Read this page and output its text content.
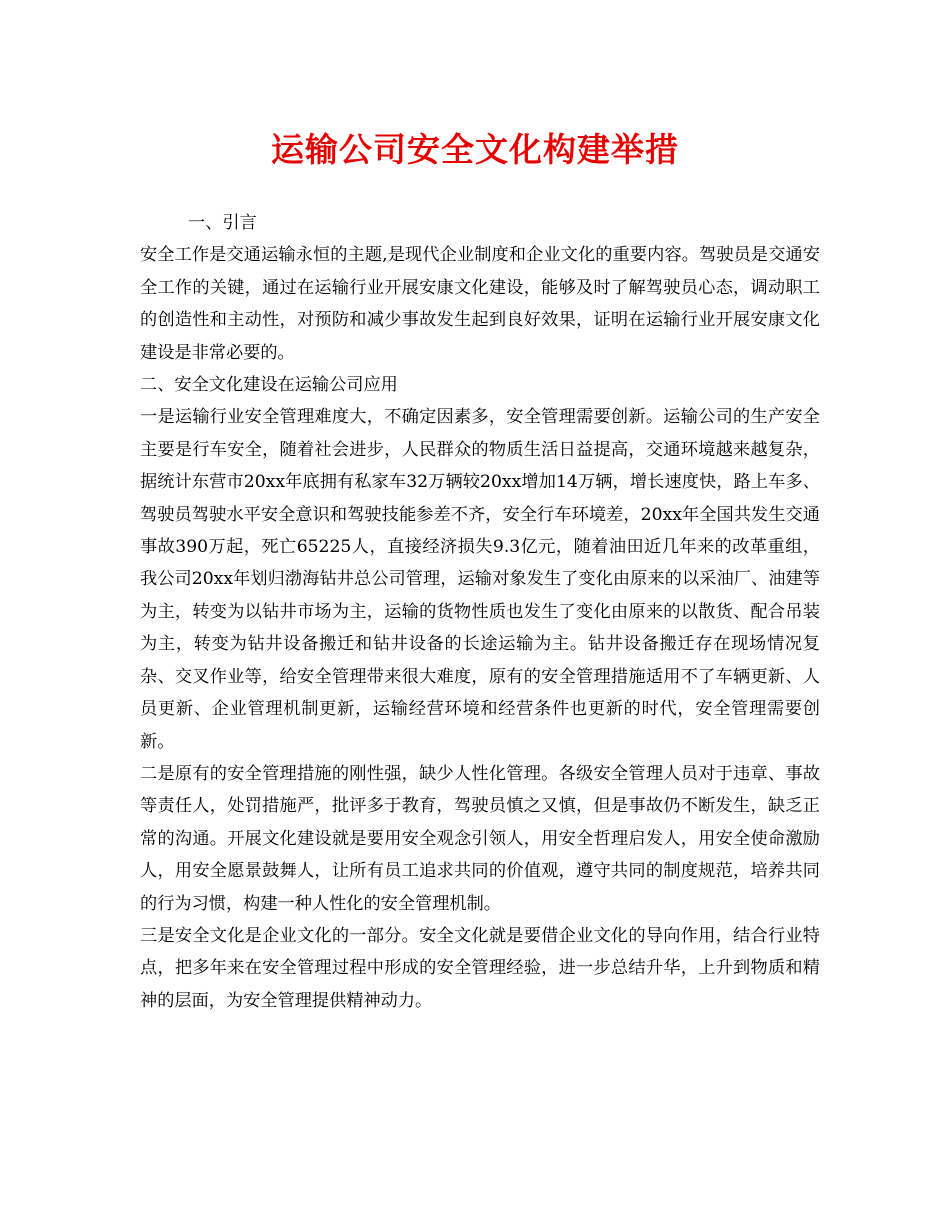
运输公司安全文化构建举措

一、引言

安全工作是交通运输永恒的主题,是现代企业制度和企业文化的重要内容。驾驶员是交通安全工作的关键，通过在运输行业开展安康文化建设，能够及时了解驾驶员心态，调动职工的创造性和主动性，对预防和减少事故发生起到良好效果，证明在运输行业开展安康文化建设是非常必要的。

二、安全文化建设在运输公司应用

一是运输行业安全管理难度大，不确定因素多，安全管理需要创新。运输公司的生产安全主要是行车安全，随着社会进步，人民群众的物质生活日益提高，交通环境越来越复杂，据统计东营市20xx年底拥有私家车32万辆较20xx增加14万辆，增长速度快，路上车多、驾驶员驾驶水平安全意识和驾驶技能参差不齐，安全行车环境差，20xx年全国共发生交通事故390万起，死亡65225人，直接经济损失9.3亿元，随着油田近几年来的改革重组，我公司20xx年划归渤海钻井总公司管理，运输对象发生了变化由原来的以采油厂、油建等为主，转变为以钻井市场为主，运输的货物性质也发生了变化由原来的以散货、配合吊装为主，转变为钻井设备搬迁和钻井设备的长途运输为主。钻井设备搬迁存在现场情况复杂、交叉作业等，给安全管理带来很大难度，原有的安全管理措施适用不了车辆更新、人员更新、企业管理机制更新，运输经营环境和经营条件也更新的时代，安全管理需要创新。

二是原有的安全管理措施的刚性强，缺少人性化管理。各级安全管理人员对于违章、事故等责任人，处罚措施严，批评多于教育，驾驶员慎之又慎，但是事故仍不断发生，缺乏正常的沟通。开展文化建设就是要用安全观念引领人，用安全哲理启发人，用安全使命激励人，用安全愿景鼓舞人，让所有员工追求共同的价值观，遵守共同的制度规范，培养共同的行为习惯，构建一种人性化的安全管理机制。

三是安全文化是企业文化的一部分。安全文化就是要借企业文化的导向作用，结合行业特点，把多年来在安全管理过程中形成的安全管理经验，进一步总结升华，上升到物质和精神的层面，为安全管理提供精神动力。
